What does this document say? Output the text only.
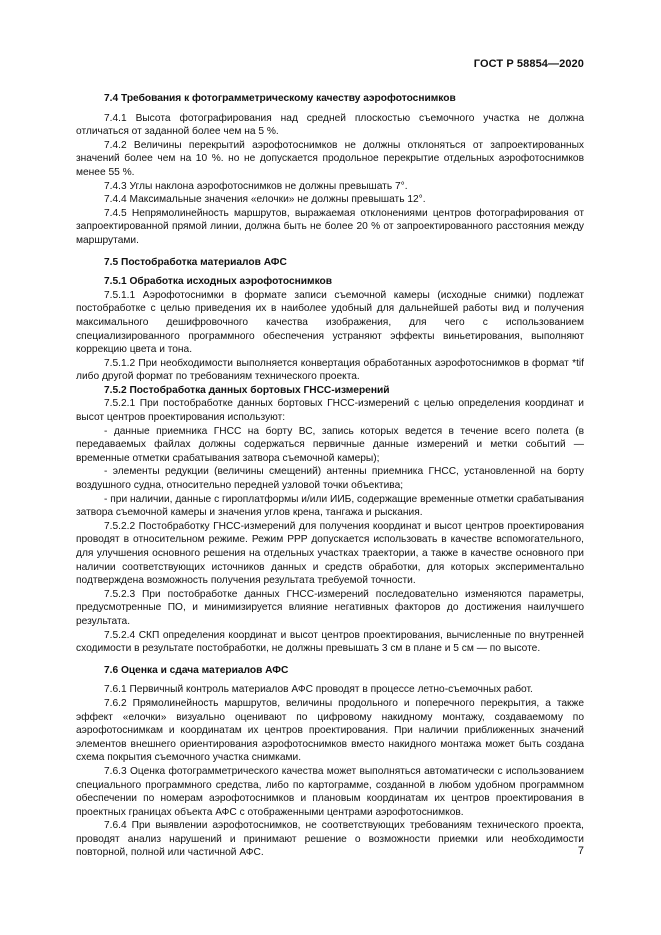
ГОСТ Р 58854—2020
7.4 Требования к фотограмметрическому качеству аэрофотоснимков
7.4.1 Высота фотографирования над средней плоскостью съемочного участка не должна отличаться от заданной более чем на 5 %.
7.4.2 Величины перекрытий аэрофотоснимков не должны отклоняться от запроектированных значений более чем на 10 %. но не допускается продольное перекрытие отдельных аэрофотоснимков менее 55 %.
7.4.3 Углы наклона аэрофотоснимков не должны превышать 7°.
7.4.4 Максимальные значения «елочки» не должны превышать 12°.
7.4.5 Непрямолинейность маршрутов, выражаемая отклонениями центров фотографирования от запроектированной прямой линии, должна быть не более 20 % от запроектированного расстояния между маршрутами.
7.5 Постобработка материалов АФС
7.5.1 Обработка исходных аэрофотоснимков
7.5.1.1 Аэрофотоснимки в формате записи съемочной камеры (исходные снимки) подлежат постобработке с целью приведения их в наиболее удобный для дальнейшей работы вид и получения максимального дешифровочного качества изображения, для чего с использованием специализированного программного обеспечения устраняют эффекты виньетирования, выполняют коррекцию цвета и тона.
7.5.1.2 При необходимости выполняется конвертация обработанных аэрофотоснимков в формат *tif либо другой формат по требованиям технического проекта.
7.5.2 Постобработка данных бортовых ГНСС-измерений
7.5.2.1 При постобработке данных бортовых ГНСС-измерений с целью определения координат и высот центров проектирования используют:
- данные приемника ГНСС на борту ВС, запись которых ведется в течение всего полета (в передаваемых файлах должны содержаться первичные данные измерений и метки событий — временные отметки срабатывания затвора съемочной камеры);
- элементы редукции (величины смещений) антенны приемника ГНСС, установленной на борту воздушного судна, относительно передней узловой точки объектива;
- при наличии, данные с гироплатформы и/или ИИБ, содержащие временные отметки срабатывания затвора съемочной камеры и значения углов крена, тангажа и рыскания.
7.5.2.2 Постобработку ГНСС-измерений для получения координат и высот центров проектирования проводят в относительном режиме. Режим PPP допускается использовать в качестве вспомогательного, для улучшения основного решения на отдельных участках траектории, а также в качестве основного при наличии соответствующих источников данных и средств обработки, для которых экспериментально подтверждена возможность получения результата требуемой точности.
7.5.2.3 При постобработке данных ГНСС-измерений последовательно изменяются параметры, предусмотренные ПО, и минимизируется влияние негативных факторов до достижения наилучшего результата.
7.5.2.4 СКП определения координат и высот центров проектирования, вычисленные по внутренней сходимости в результате постобработки, не должны превышать 3 см в плане и 5 см — по высоте.
7.6 Оценка и сдача материалов АФС
7.6.1 Первичный контроль материалов АФС проводят в процессе летно-съемочных работ.
7.6.2 Прямолинейность маршрутов, величины продольного и поперечного перекрытия, а также эффект «елочки» визуально оценивают по цифровому накидному монтажу, создаваемому по аэрофотоснимкам и координатам их центров проектирования. При наличии приближенных значений элементов внешнего ориентирования аэрофотоснимков вместо накидного монтажа может быть создана схема покрытия съемочного участка снимками.
7.6.3 Оценка фотограмметрического качества может выполняться автоматически с использованием специального программного средства, либо по картограмме, созданной в любом удобном программном обеспечении по номерам аэрофотоснимков и плановым координатам их центров проектирования в проектных границах объекта АФС с отображенными центрами аэрофотоснимков.
7.6.4 При выявлении аэрофотоснимков, не соответствующих требованиям технического проекта, проводят анализ нарушений и принимают решение о возможности приемки или необходимости повторной, полной или частичной АФС.	7
